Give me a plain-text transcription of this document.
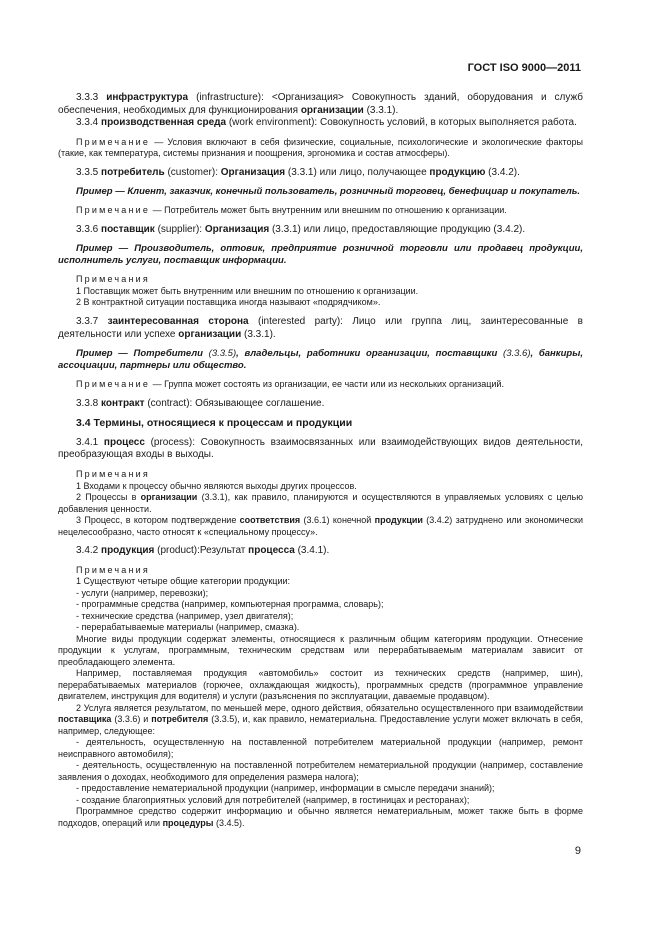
ГОСТ ISO 9000—2011

3.3.3 инфраструктура (infrastructure): <Организация> Совокупность зданий, оборудования и служб обеспечения, необходимых для функционирования организации (3.3.1).

3.3.4 производственная среда (work environment): Совокупность условий, в которых выполняется работа.

Примечание — Условия включают в себя физические, социальные, психологические и экологические факторы (такие, как температура, системы признания и поощрения, эргономика и состав атмосферы).

3.3.5 потребитель (customer): Организация (3.3.1) или лицо, получающее продукцию (3.4.2).

Пример — Клиент, заказчик, конечный пользователь, розничный торговец, бенефициар и покупатель.

Примечание — Потребитель может быть внутренним или внешним по отношению к организации.

3.3.6 поставщик (supplier): Организация (3.3.1) или лицо, предоставляющие продукцию (3.4.2).

Пример — Производитель, оптовик, предприятие розничной торговли или продавец продукции, исполнитель услуги, поставщик информации.

Примечания

1 Поставщик может быть внутренним или внешним по отношению к организации.

2 В контрактной ситуации поставщика иногда называют «подрядчиком».

3.3.7 заинтересованная сторона (interested party): Лицо или группа лиц, заинтересованные в деятельности или успехе организации (3.3.1).

Пример — Потребители (3.3.5), владельцы, работники организации, поставщики (3.3.6), банкиры, ассоциации, партнеры или общество.

Примечание — Группа может состоять из организации, ее части или из нескольких организаций.

3.3.8 контракт (contract): Обязывающее соглашение.

3.4 Термины, относящиеся к процессам и продукции

3.4.1 процесс (process): Совокупность взаимосвязанных или взаимодействующих видов деятельности, преобразующая входы в выходы.

Примечания

1 Входами к процессу обычно являются выходы других процессов.

2 Процессы в организации (3.3.1), как правило, планируются и осуществляются в управляемых условиях с целью добавления ценности.

3 Процесс, в котором подтверждение соответствия (3.6.1) конечной продукции (3.4.2) затруднено или экономически нецелесообразно, часто относят к «специальному процессу».

3.4.2 продукция (product):Результат процесса (3.4.1).

Примечания

1 Существуют четыре общие категории продукции:

- услуги (например, перевозки);

- программные средства (например, компьютерная программа, словарь);

- технические средства (например, узел двигателя);

- перерабатываемые материалы (например, смазка).

Многие виды продукции содержат элементы, относящиеся к различным общим категориям продукции. Отнесение продукции к услугам, программным, техническим средствам или перерабатываемым материалам зависит от преобладающего элемента.

Например, поставляемая продукция «автомобиль» состоит из технических средств (например, шин), перерабатываемых материалов (горючее, охлаждающая жидкость), программных средств (программное управление двигателем, инструкция для водителя) и услуги (разъяснения по эксплуатации, даваемые продавцом).

2 Услуга является результатом, по меньшей мере, одного действия, обязательно осуществленного при взаимодействии поставщика (3.3.6) и потребителя (3.3.5), и, как правило, нематериальна. Предоставление услуги может включать в себя, например, следующее:

- деятельность, осуществленную на поставленной потребителем материальной продукции (например, ремонт неисправного автомобиля);

- деятельность, осуществленную на поставленной потребителем нематериальной продукции (например, составление заявления о доходах, необходимого для определения размера налога);

- предоставление нематериальной продукции (например, информации в смысле передачи знаний);

- создание благоприятных условий для потребителей (например, в гостиницах и ресторанах);

Программное средство содержит информацию и обычно является нематериальным, может также быть в форме подходов, операций или процедуры (3.4.5).

9
